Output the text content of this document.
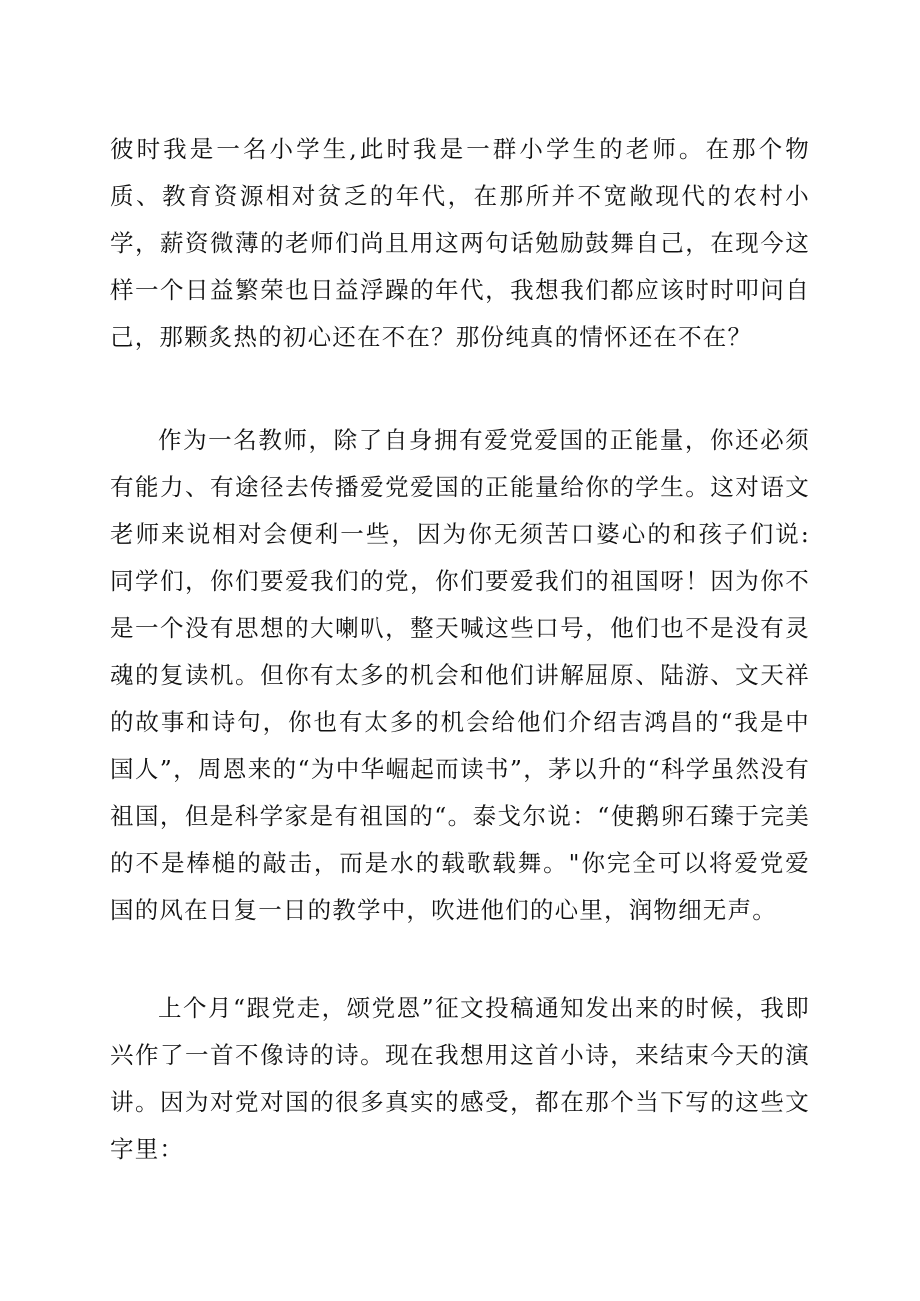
彼时我是一名小学生,此时我是一群小学生的老师。在那个物质、教育资源相对贫乏的年代，在那所并不宽敞现代的农村小学，薪资微薄的老师们尚且用这两句话勉励鼓舞自己，在现今这样一个日益繁荣也日益浮躁的年代，我想我们都应该时时叩问自己，那颗炙热的初心还在不在？那份纯真的情怀还在不在？

作为一名教师，除了自身拥有爱党爱国的正能量，你还必须有能力、有途径去传播爱党爱国的正能量给你的学生。这对语文老师来说相对会便利一些，因为你无须苦口婆心的和孩子们说:同学们，你们要爱我们的党，你们要爱我们的祖国呀！因为你不是一个没有思想的大喇叭，整天喊这些口号，他们也不是没有灵魂的复读机。但你有太多的机会和他们讲解屈原、陆游、文天祥的故事和诗句，你也有太多的机会给他们介绍吉鸿昌的“我是中国人”，周恩来的“为中华崛起而读书”，茅以升的“科学虽然没有祖国，但是科学家是有祖国的“。泰戈尔说：“使鹅卵石臻于完美的不是棒槌的敲击，而是水的载歌载舞。"你完全可以将爱党爱国的风在日复一日的教学中，吹进他们的心里，润物细无声。

上个月“跟党走，颂党恩”征文投稿通知发出来的时候，我即兴作了一首不像诗的诗。现在我想用这首小诗，来结束今天的演讲。因为对党对国的很多真实的感受，都在那个当下写的这些文字里：
